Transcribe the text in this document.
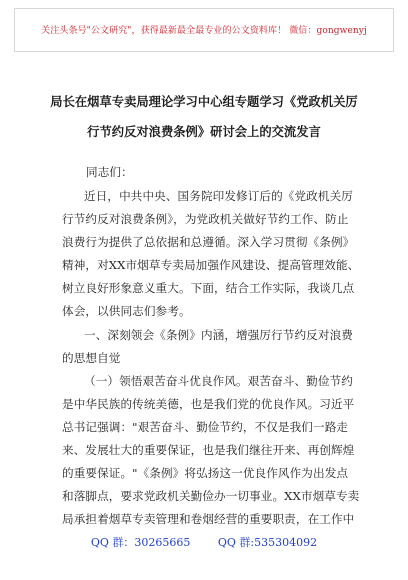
关注头条号"公文研究"，获得最新最全最专业的公文资料库！ 微信：gongwenyj
局长在烟草专卖局理论学习中心组专题学习《党政机关厉
行节约反对浪费条例》研讨会上的交流发言
同志们：
近日，中共中央、国务院印发修订后的《党政机关厉
行节约反对浪费条例》，为党政机关做好节约工作、防止
浪费行为提供了总依据和总遵循。深入学习贯彻《条例》
精神，对XX市烟草专卖局加强作风建设、提高管理效能、
树立良好形象意义重大。下面，结合工作实际，我谈几点
体会，以供同志们参考。
一、深刻领会《条例》内涵，增强厉行节约反对浪费
的思想自觉
（一）领悟艰苦奋斗优良作风。艰苦奋斗、勤俭节约
是中华民族的传统美德，也是我们党的优良作风。习近平
总书记强调："艰苦奋斗、勤俭节约，不仅是我们一路走
来、发展壮大的重要保证，也是我们继往开来、再创辉煌
的重要保证。"《条例》将弘扬这一优良作风作为出发点
和落脚点，要求党政机关勤俭办一切事业。XX市烟草专卖
局承担着烟草专卖管理和卷烟经营的重要职责，在工作中
QQ 群：30265665	QQ 群:535304092
